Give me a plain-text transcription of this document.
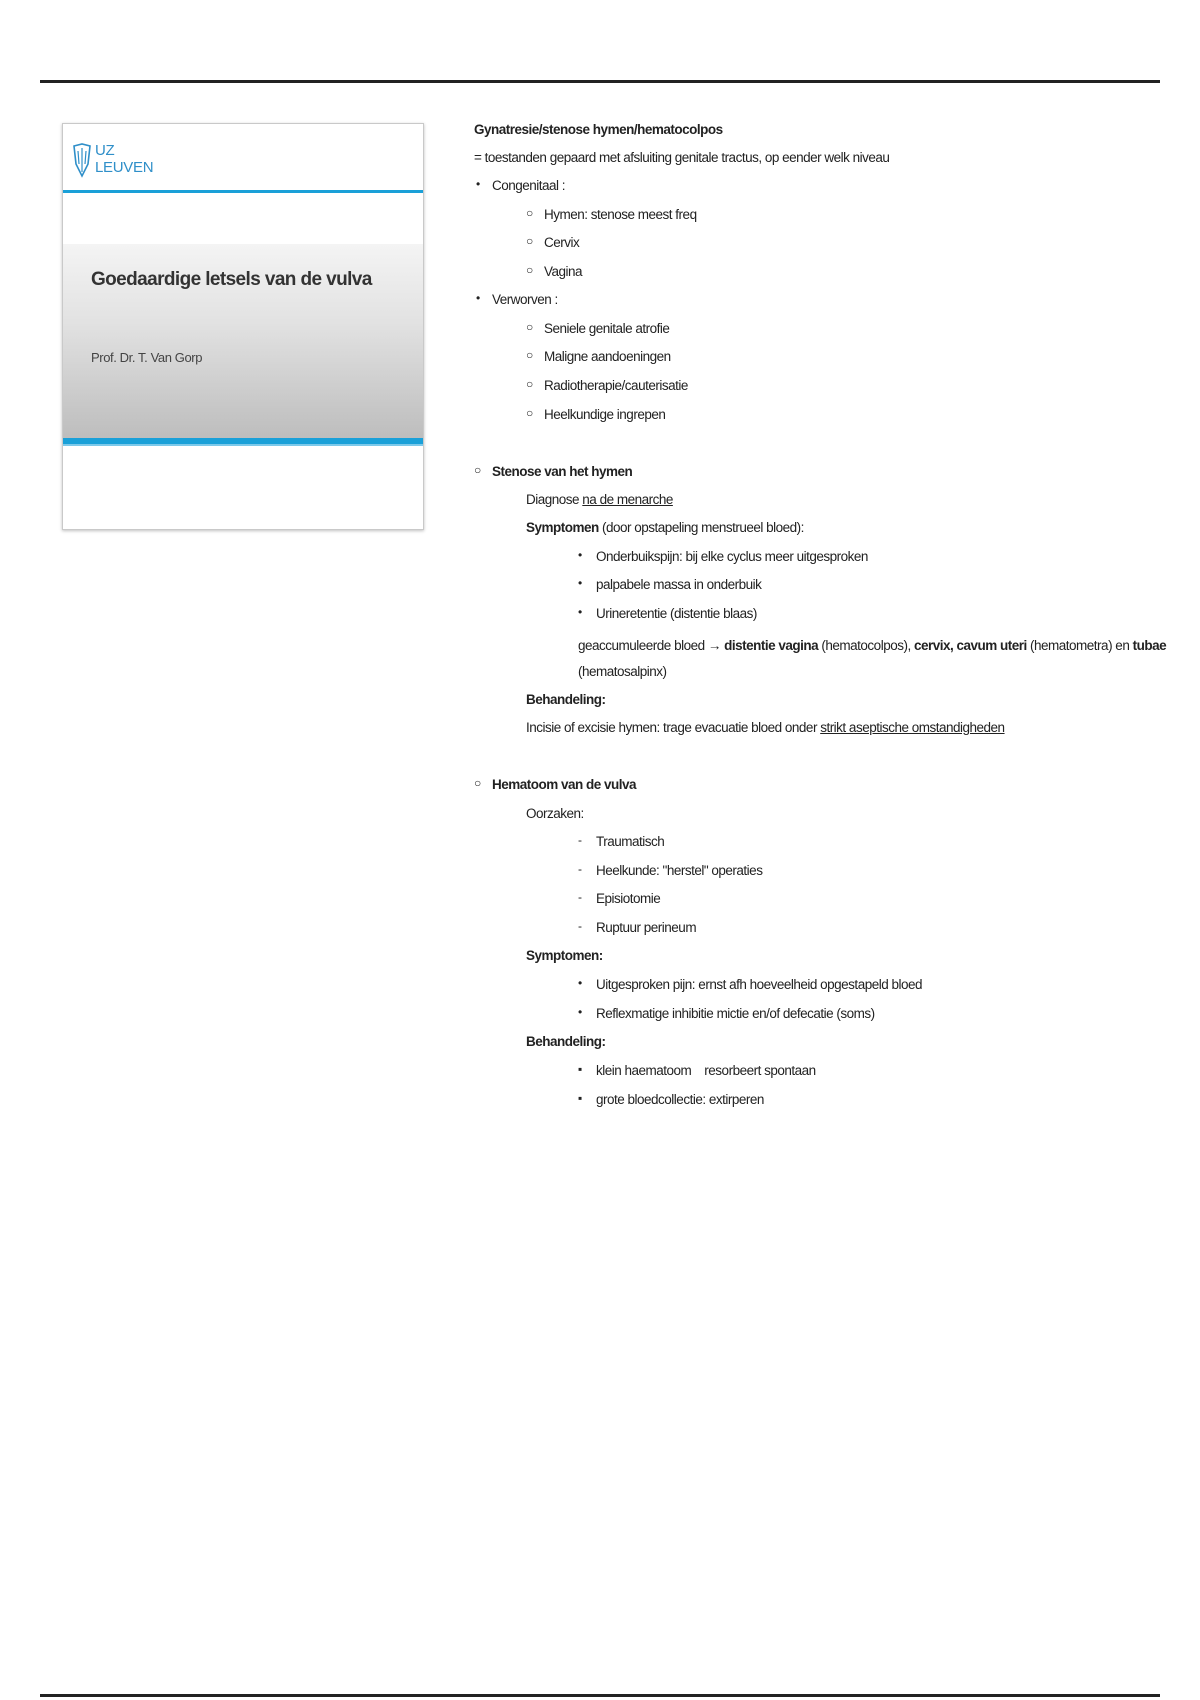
UZ
LEUVEN
Goedaardige letsels van de vulva
Prof. Dr. T. Van Gorp
Gynatresie/stenose hymen/hematocolpos
= toestanden gepaard met afsluiting genitale tractus, op eender welk niveau
• Congenitaal :
○ Hymen: stenose meest freq
○ Cervix
○ Vagina
• Verworven :
○ Seniele genitale atrofie
○ Maligne aandoeningen
○ Radiotherapie/cauterisatie
○ Heelkundige ingrepen
○ Stenose van het hymen
Diagnose na de menarche
Symptomen (door opstapeling menstrueel bloed):
• Onderbuikspijn: bij elke cyclus meer uitgesproken
• palpabele massa in onderbuik
• Urineretentie (distentie blaas)
geaccumuleerde bloed → distentie vagina (hematocolpos), cervix, cavum uteri (hematometra) en tubae
(hematosalpinx)
Behandeling:
Incisie of excisie hymen: trage evacuatie bloed onder strikt aseptische omstandigheden
○ Hematoom van de vulva
Oorzaken:
- Traumatisch
- Heelkunde: "herstel" operaties
- Episiotomie
- Ruptuur perineum
Symptomen:
• Uitgesproken pijn: ernst afh hoeveelheid opgestapeld bloed
• Reflexmatige inhibitie mictie en/of defecatie (soms)
Behandeling:
▪ klein haematoom    resorbeert spontaan
▪ grote bloedcollectie: extirperen
